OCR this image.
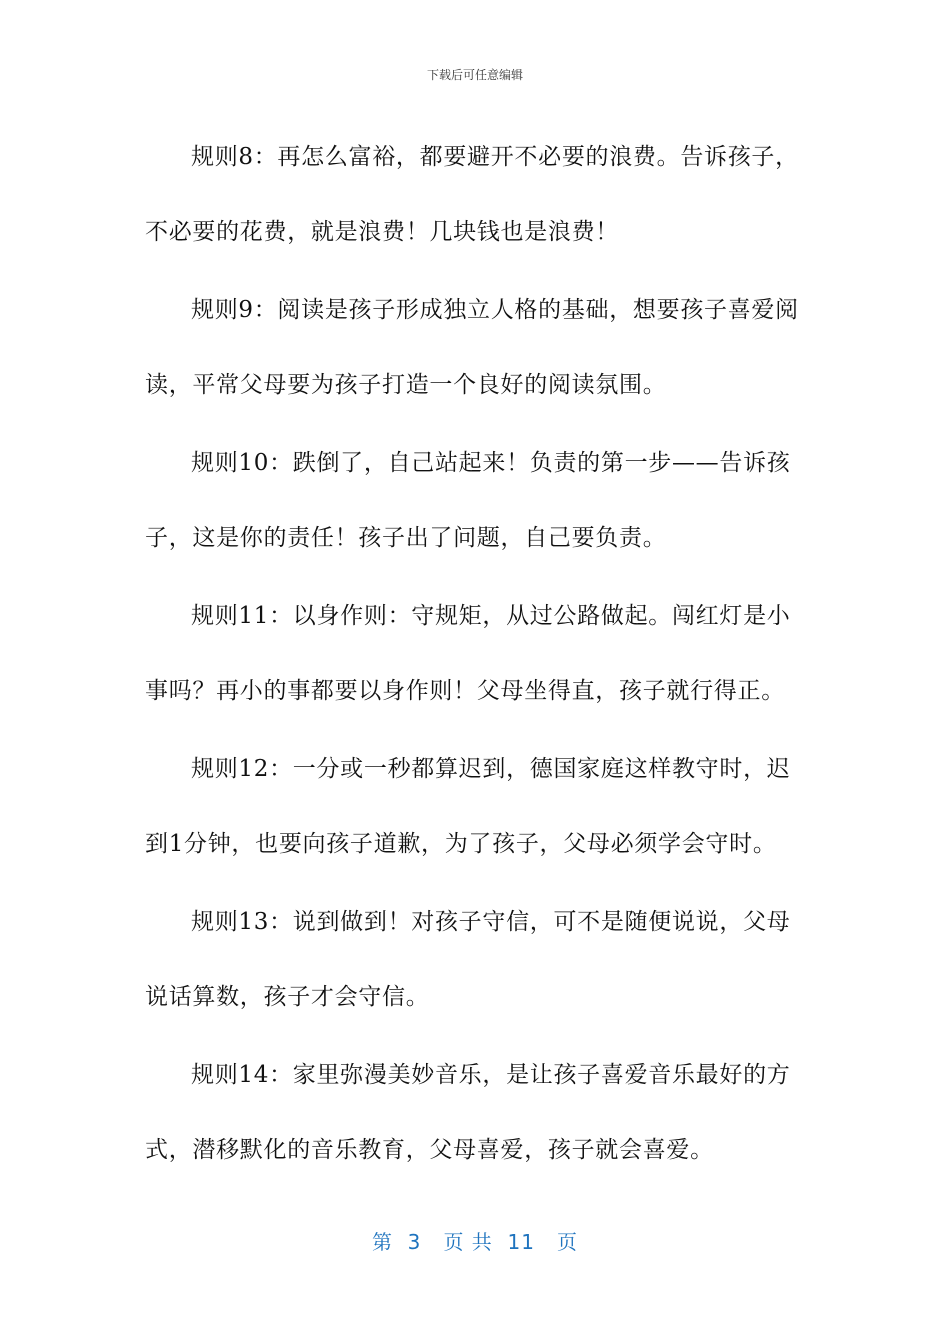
下载后可任意编辑

规则8：再怎么富裕，都要避开不必要的浪费。告诉孩子，不必要的花费，就是浪费！几块钱也是浪费！

规则9：阅读是孩子形成独立人格的基础，想要孩子喜爱阅读，平常父母要为孩子打造一个良好的阅读氛围。

规则10：跌倒了，自己站起来！负责的第一步——告诉孩子，这是你的责任！孩子出了问题，自己要负责。

规则11：以身作则：守规矩，从过公路做起。闯红灯是小事吗？再小的事都要以身作则！父母坐得直，孩子就行得正。

规则12：一分或一秒都算迟到，德国家庭这样教守时，迟到1分钟，也要向孩子道歉，为了孩子，父母必须学会守时。

规则13：说到做到！对孩子守信，可不是随便说说，父母说话算数，孩子才会守信。

规则14：家里弥漫美妙音乐，是让孩子喜爱音乐最好的方式，潜移默化的音乐教育，父母喜爱，孩子就会喜爱。

第  3   页 共  11   页
